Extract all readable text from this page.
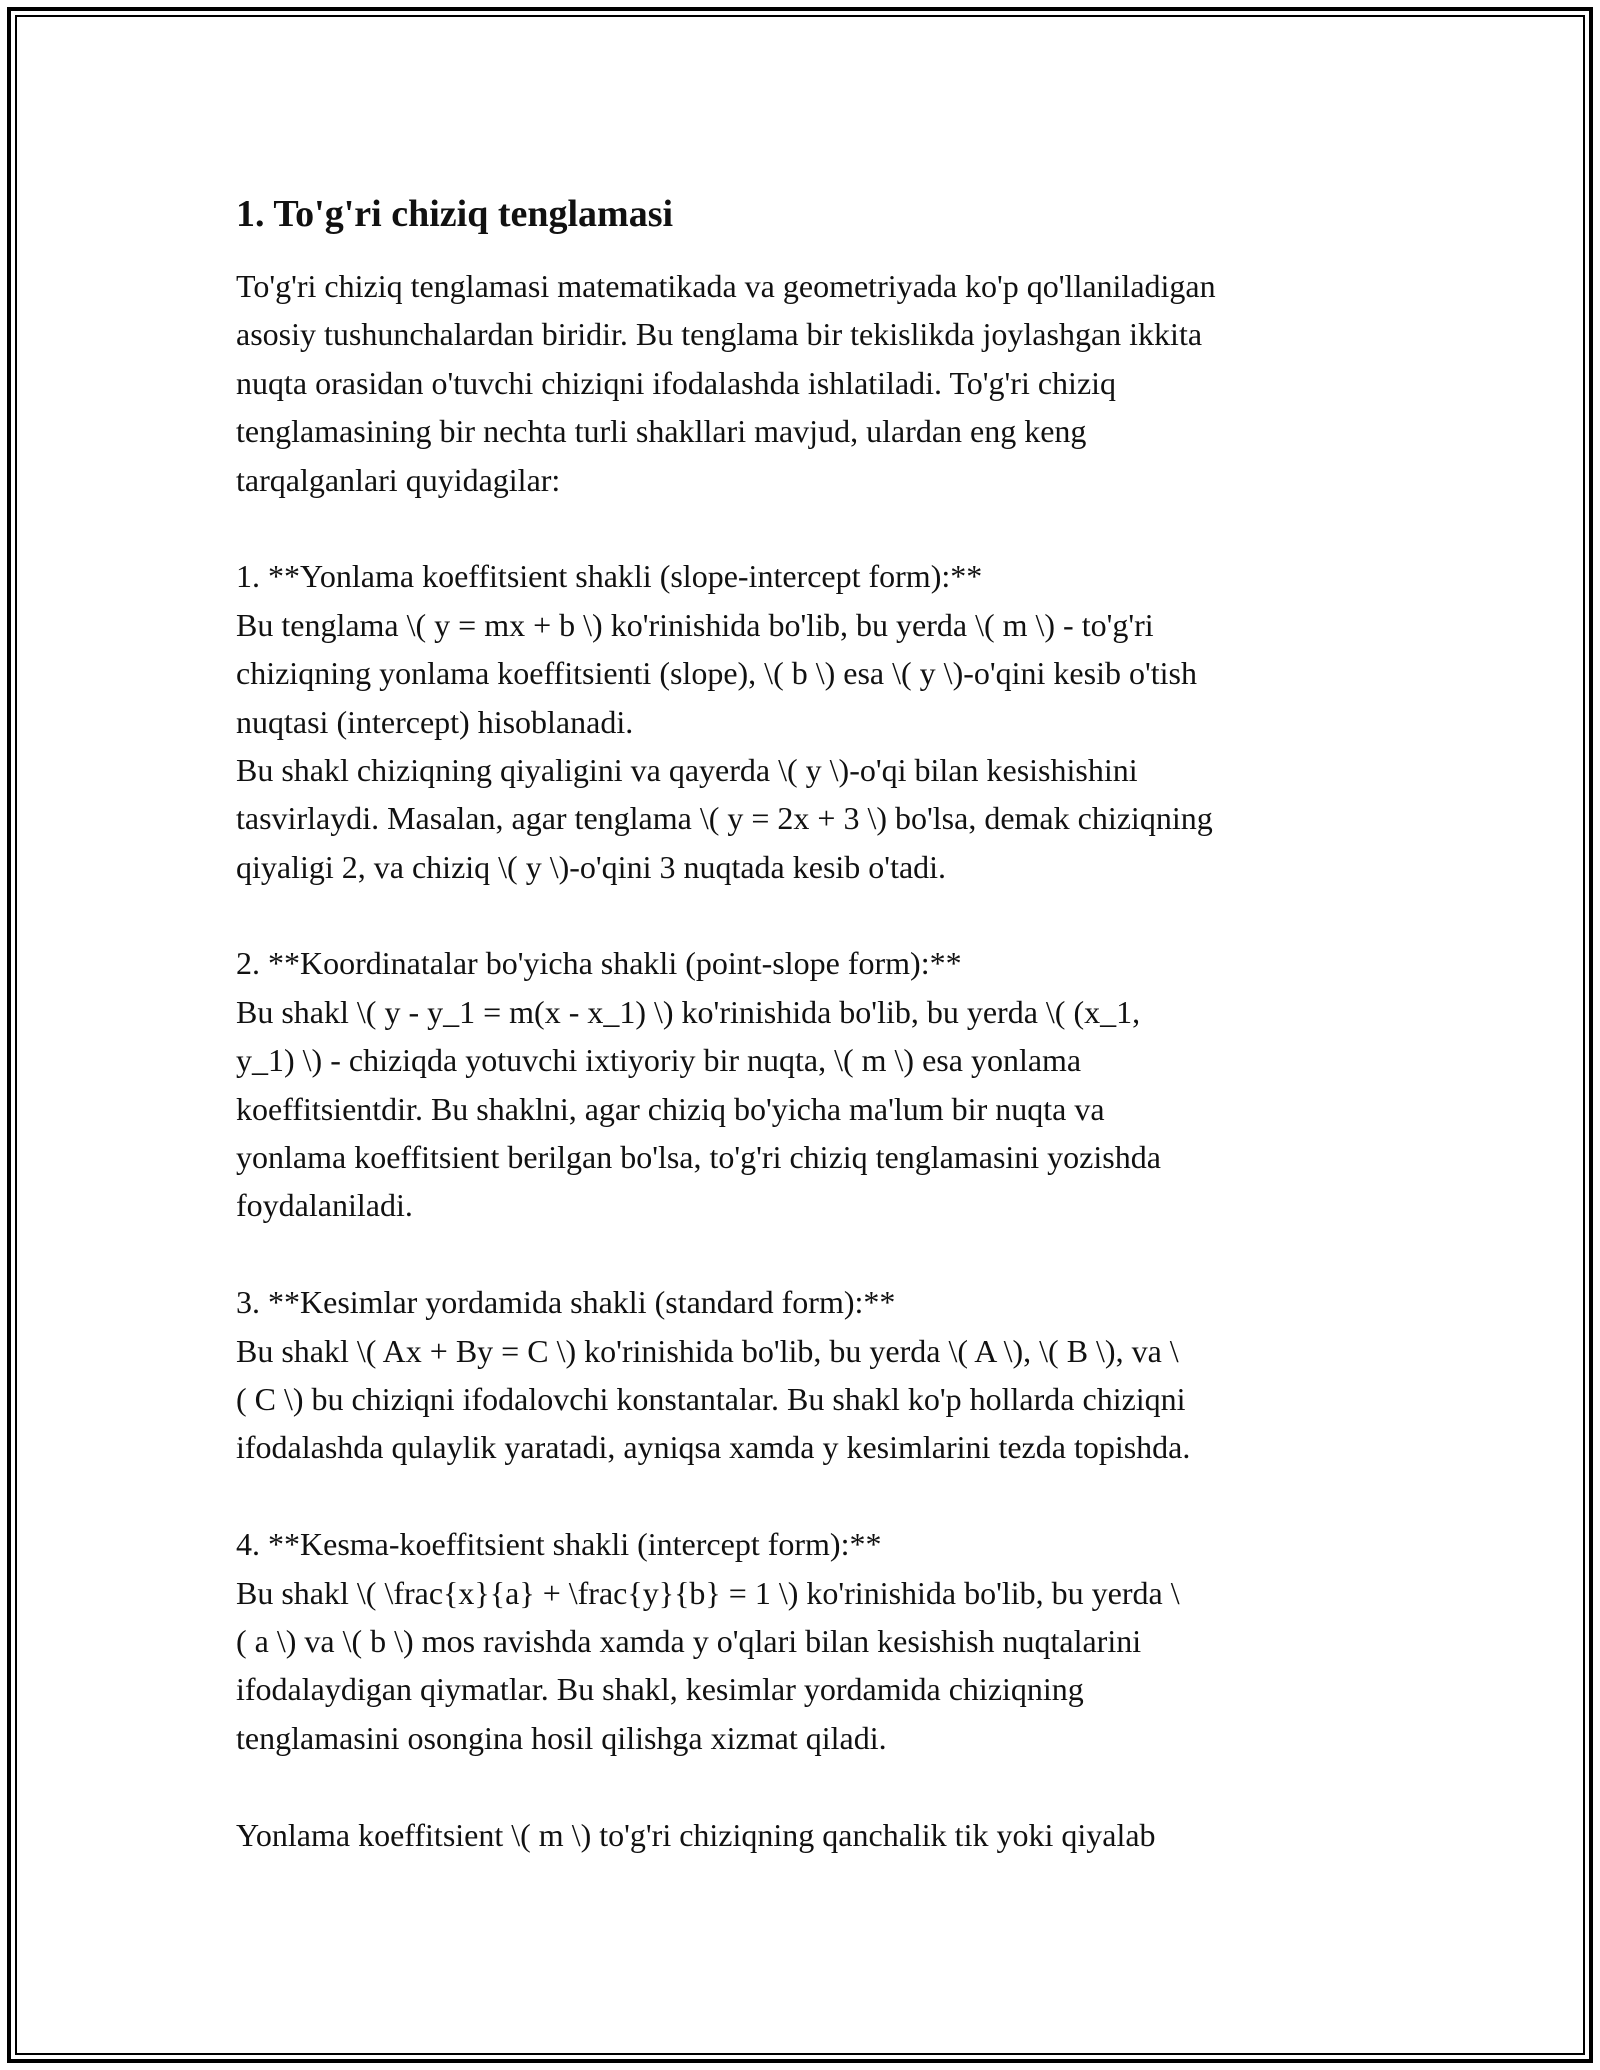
1. To'g'ri chiziq tenglamasi
To'g'ri chiziq tenglamasi matematikada va geometriyada ko'p qo'llaniladigan
asosiy tushunchalardan biridir. Bu tenglama bir tekislikda joylashgan ikkita
nuqta orasidan o'tuvchi chiziqni ifodalashda ishlatiladi. To'g'ri chiziq
tenglamasining bir nechta turli shakllari mavjud, ulardan eng keng
tarqalganlari quyidagilar:
1. **Yonlama koeffitsient shakli (slope-intercept form):**
Bu tenglama \( y = mx + b \) ko'rinishida bo'lib, bu yerda \( m \) - to'g'ri
chiziqning yonlama koeffitsienti (slope), \( b \) esa \( y \)-o'qini kesib o'tish
nuqtasi (intercept) hisoblanadi.
Bu shakl chiziqning qiyaligini va qayerda \( y \)-o'qi bilan kesishishini
tasvirlaydi. Masalan, agar tenglama \( y = 2x + 3 \) bo'lsa, demak chiziqning
qiyaligi 2, va chiziq \( y \)-o'qini 3 nuqtada kesib o'tadi.
2. **Koordinatalar bo'yicha shakli (point-slope form):**
Bu shakl \( y - y_1 = m(x - x_1) \) ko'rinishida bo'lib, bu yerda \( (x_1,
y_1) \) - chiziqda yotuvchi ixtiyoriy bir nuqta, \( m \) esa yonlama
koeffitsientdir. Bu shaklni, agar chiziq bo'yicha ma'lum bir nuqta va
yonlama koeffitsient berilgan bo'lsa, to'g'ri chiziq tenglamasini yozishda
foydalaniladi.
3. **Kesimlar yordamida shakli (standard form):**
Bu shakl \( Ax + By = C \) ko'rinishida bo'lib, bu yerda \( A \), \( B \), va \
( C \) bu chiziqni ifodalovchi konstantalar. Bu shakl ko'p hollarda chiziqni
ifodalashda qulaylik yaratadi, ayniqsa xamda y kesimlarini tezda topishda.
4. **Kesma-koeffitsient shakli (intercept form):**
Bu shakl \( \frac{x}{a} + \frac{y}{b} = 1 \) ko'rinishida bo'lib, bu yerda \
( a \) va \( b \) mos ravishda xamda y o'qlari bilan kesishish nuqtalarini
ifodalaydigan qiymatlar. Bu shakl, kesimlar yordamida chiziqning
tenglamasini osongina hosil qilishga xizmat qiladi.
Yonlama koeffitsient \( m \) to'g'ri chiziqning qanchalik tik yoki qiyalab
